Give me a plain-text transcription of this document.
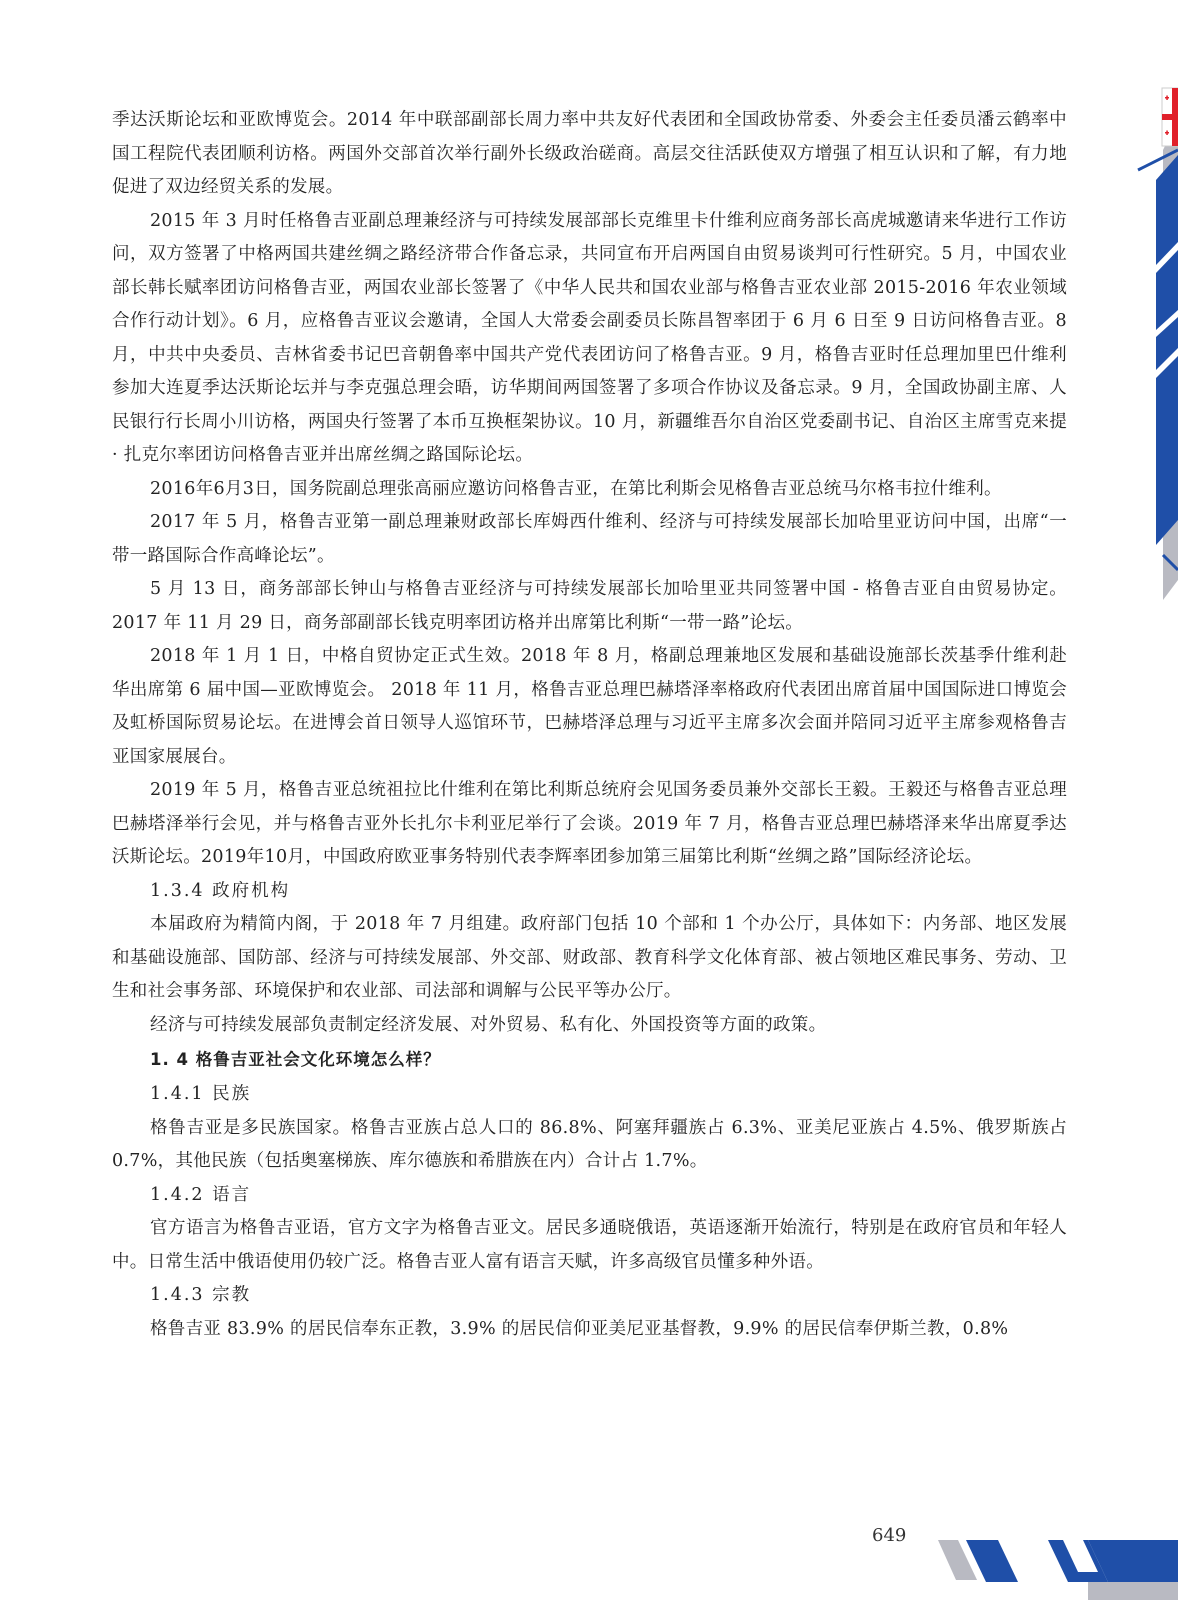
季达沃斯论坛和亚欧博览会。2014 年中联部副部长周力率中共友好代表团和全国政协常委、外委会主任委员潘云鹤率中国工程院代表团顺利访格。两国外交部首次举行副外长级政治磋商。高层交往活跃使双方增强了相互认识和了解，有力地促进了双边经贸关系的发展。

2015 年 3 月时任格鲁吉亚副总理兼经济与可持续发展部部长克维里卡什维利应商务部长高虎城邀请来华进行工作访问，双方签署了中格两国共建丝绸之路经济带合作备忘录，共同宣布开启两国自由贸易谈判可行性研究。5 月，中国农业部长韩长赋率团访问格鲁吉亚，两国农业部长签署了《中华人民共和国农业部与格鲁吉亚农业部 2015-2016 年农业领域合作行动计划》。6 月，应格鲁吉亚议会邀请，全国人大常委会副委员长陈昌智率团于 6 月 6 日至 9 日访问格鲁吉亚。8 月，中共中央委员、吉林省委书记巴音朝鲁率中国共产党代表团访问了格鲁吉亚。9 月，格鲁吉亚时任总理加里巴什维利参加大连夏季达沃斯论坛并与李克强总理会晤，访华期间两国签署了多项合作协议及备忘录。9 月，全国政协副主席、人民银行行长周小川访格，两国央行签署了本币互换框架协议。10 月，新疆维吾尔自治区党委副书记、自治区主席雪克来提 · 扎克尔率团访问格鲁吉亚并出席丝绸之路国际论坛。

2016年6月3日，国务院副总理张高丽应邀访问格鲁吉亚，在第比利斯会见格鲁吉亚总统马尔格韦拉什维利。

2017 年 5 月，格鲁吉亚第一副总理兼财政部长库姆西什维利、经济与可持续发展部长加哈里亚访问中国，出席“一带一路国际合作高峰论坛”。

5 月 13 日，商务部部长钟山与格鲁吉亚经济与可持续发展部长加哈里亚共同签署中国 - 格鲁吉亚自由贸易协定。2017 年 11 月 29 日，商务部副部长钱克明率团访格并出席第比利斯“一带一路”论坛。

2018 年 1 月 1 日，中格自贸协定正式生效。2018 年 8 月，格副总理兼地区发展和基础设施部长茨基季什维利赴华出席第 6 届中国—亚欧博览会。 2018 年 11 月，格鲁吉亚总理巴赫塔泽率格政府代表团出席首届中国国际进口博览会及虹桥国际贸易论坛。在进博会首日领导人巡馆环节，巴赫塔泽总理与习近平主席多次会面并陪同习近平主席参观格鲁吉亚国家展展台。

2019 年 5 月，格鲁吉亚总统祖拉比什维利在第比利斯总统府会见国务委员兼外交部长王毅。王毅还与格鲁吉亚总理巴赫塔泽举行会见，并与格鲁吉亚外长扎尔卡利亚尼举行了会谈。2019 年 7 月，格鲁吉亚总理巴赫塔泽来华出席夏季达沃斯论坛。2019年10月，中国政府欧亚事务特别代表李辉率团参加第三届第比利斯“丝绸之路”国际经济论坛。

1.3.4 政府机构

本届政府为精简内阁，于 2018 年 7 月组建。政府部门包括 10 个部和 1 个办公厅，具体如下：内务部、地区发展和基础设施部、国防部、经济与可持续发展部、外交部、财政部、教育科学文化体育部、被占领地区难民事务、劳动、卫生和社会事务部、环境保护和农业部、司法部和调解与公民平等办公厅。

经济与可持续发展部负责制定经济发展、对外贸易、私有化、外国投资等方面的政策。

1. 4 格鲁吉亚社会文化环境怎么样？
1.4.1 民族

格鲁吉亚是多民族国家。格鲁吉亚族占总人口的 86.8%、阿塞拜疆族占 6.3%、亚美尼亚族占 4.5%、俄罗斯族占 0.7%，其他民族（包括奥塞梯族、库尔德族和希腊族在内）合计占 1.7%。

1.4.2 语言

官方语言为格鲁吉亚语，官方文字为格鲁吉亚文。居民多通晓俄语，英语逐渐开始流行，特别是在政府官员和年轻人中。日常生活中俄语使用仍较广泛。格鲁吉亚人富有语言天赋，许多高级官员懂多种外语。

1.4.3 宗教

格鲁吉亚 83.9% 的居民信奉东正教，3.9% 的居民信仰亚美尼亚基督教，9.9% 的居民信奉伊斯兰教，0.8%

649
